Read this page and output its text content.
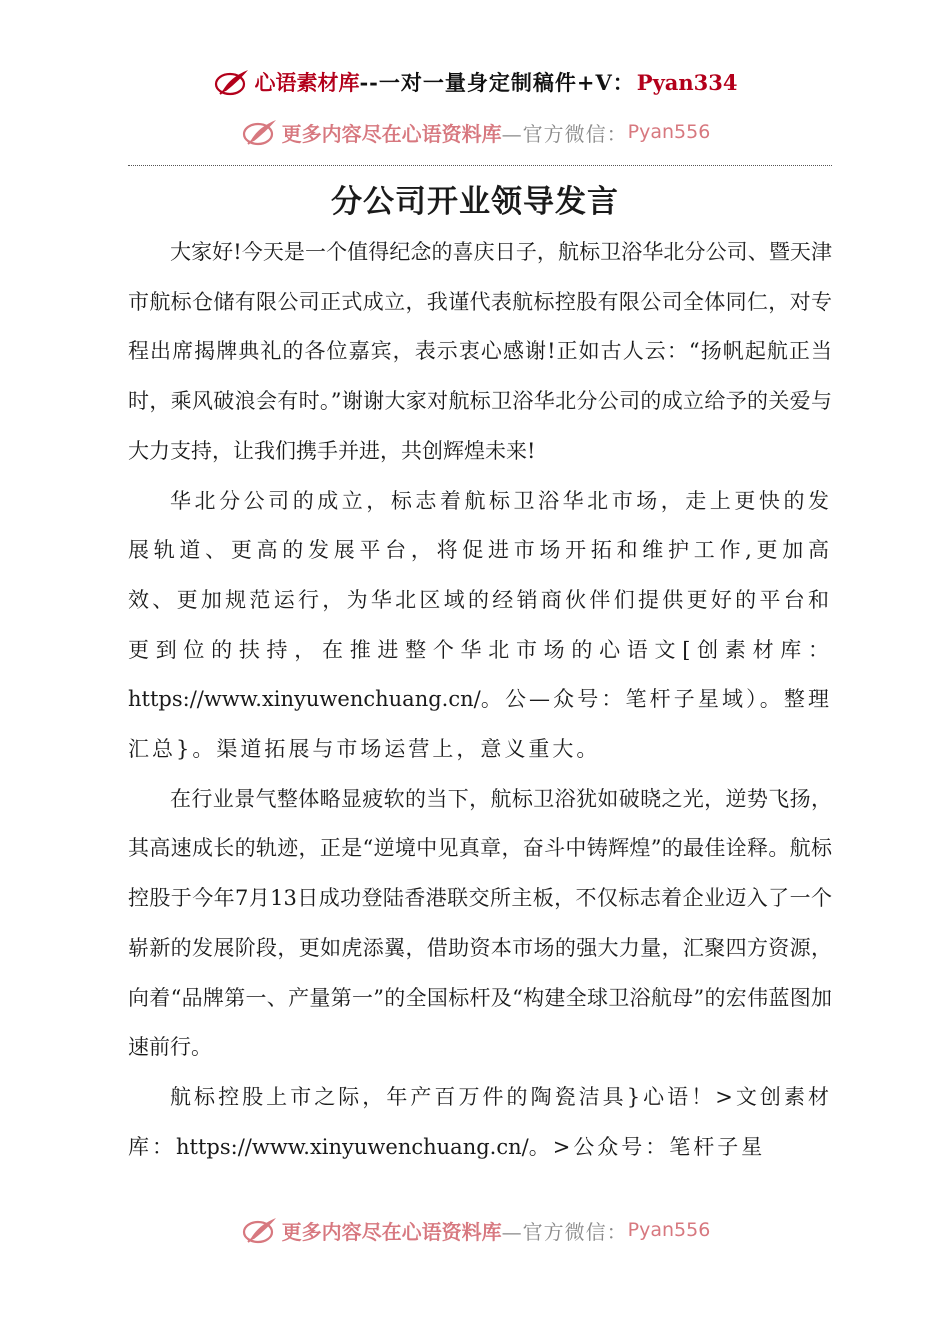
心语素材库 --一对一量身定制稿件+V： Pyan334
更多内容尽在心语资料库 —官方微信： Pyan556
分公司开业领导发言

大家好!今天是一个值得纪念的喜庆日子，航标卫浴华北分公司、暨天津市航标仓储有限公司正式成立，我谨代表航标控股有限公司全体同仁，对专程出席揭牌典礼的各位嘉宾，表示衷心感谢!正如古人云：“扬帆起航正当时，乘风破浪会有时。”谢谢大家对航标卫浴华北分公司的成立给予的关爱与大力支持，让我们携手并进，共创辉煌未来!

华北分公司的成立，标志着航标卫浴华北市场，走上更快的发展轨道、更高的发展平台，将促进市场开拓和维护工作,更加高效、更加规范运行，为华北区域的经销商伙伴们提供更好的平台和更到位的扶持，在推进整个华北市场的心语文[创素材库：https://www.xinyuwenchuang.cn/。公—众号：笔杆子星域）。整理汇总}。渠道拓展与市场运营上，意义重大。

在行业景气整体略显疲软的当下，航标卫浴犹如破晓之光，逆势飞扬，其高速成长的轨迹，正是“逆境中见真章，奋斗中铸辉煌”的最佳诠释。航标控股于今年7月13日成功登陆香港联交所主板，不仅标志着企业迈入了一个崭新的发展阶段，更如虎添翼，借助资本市场的强大力量，汇聚四方资源，向着“品牌第一、产量第一”的全国标杆及“构建全球卫浴航母”的宏伟蓝图加速前行。

航标控股上市之际，年产百万件的陶瓷洁具}心语！>文创素材库：https://www.xinyuwenchuang.cn/。>公众号：笔杆子星

更多内容尽在心语资料库 —官方微信： Pyan556
